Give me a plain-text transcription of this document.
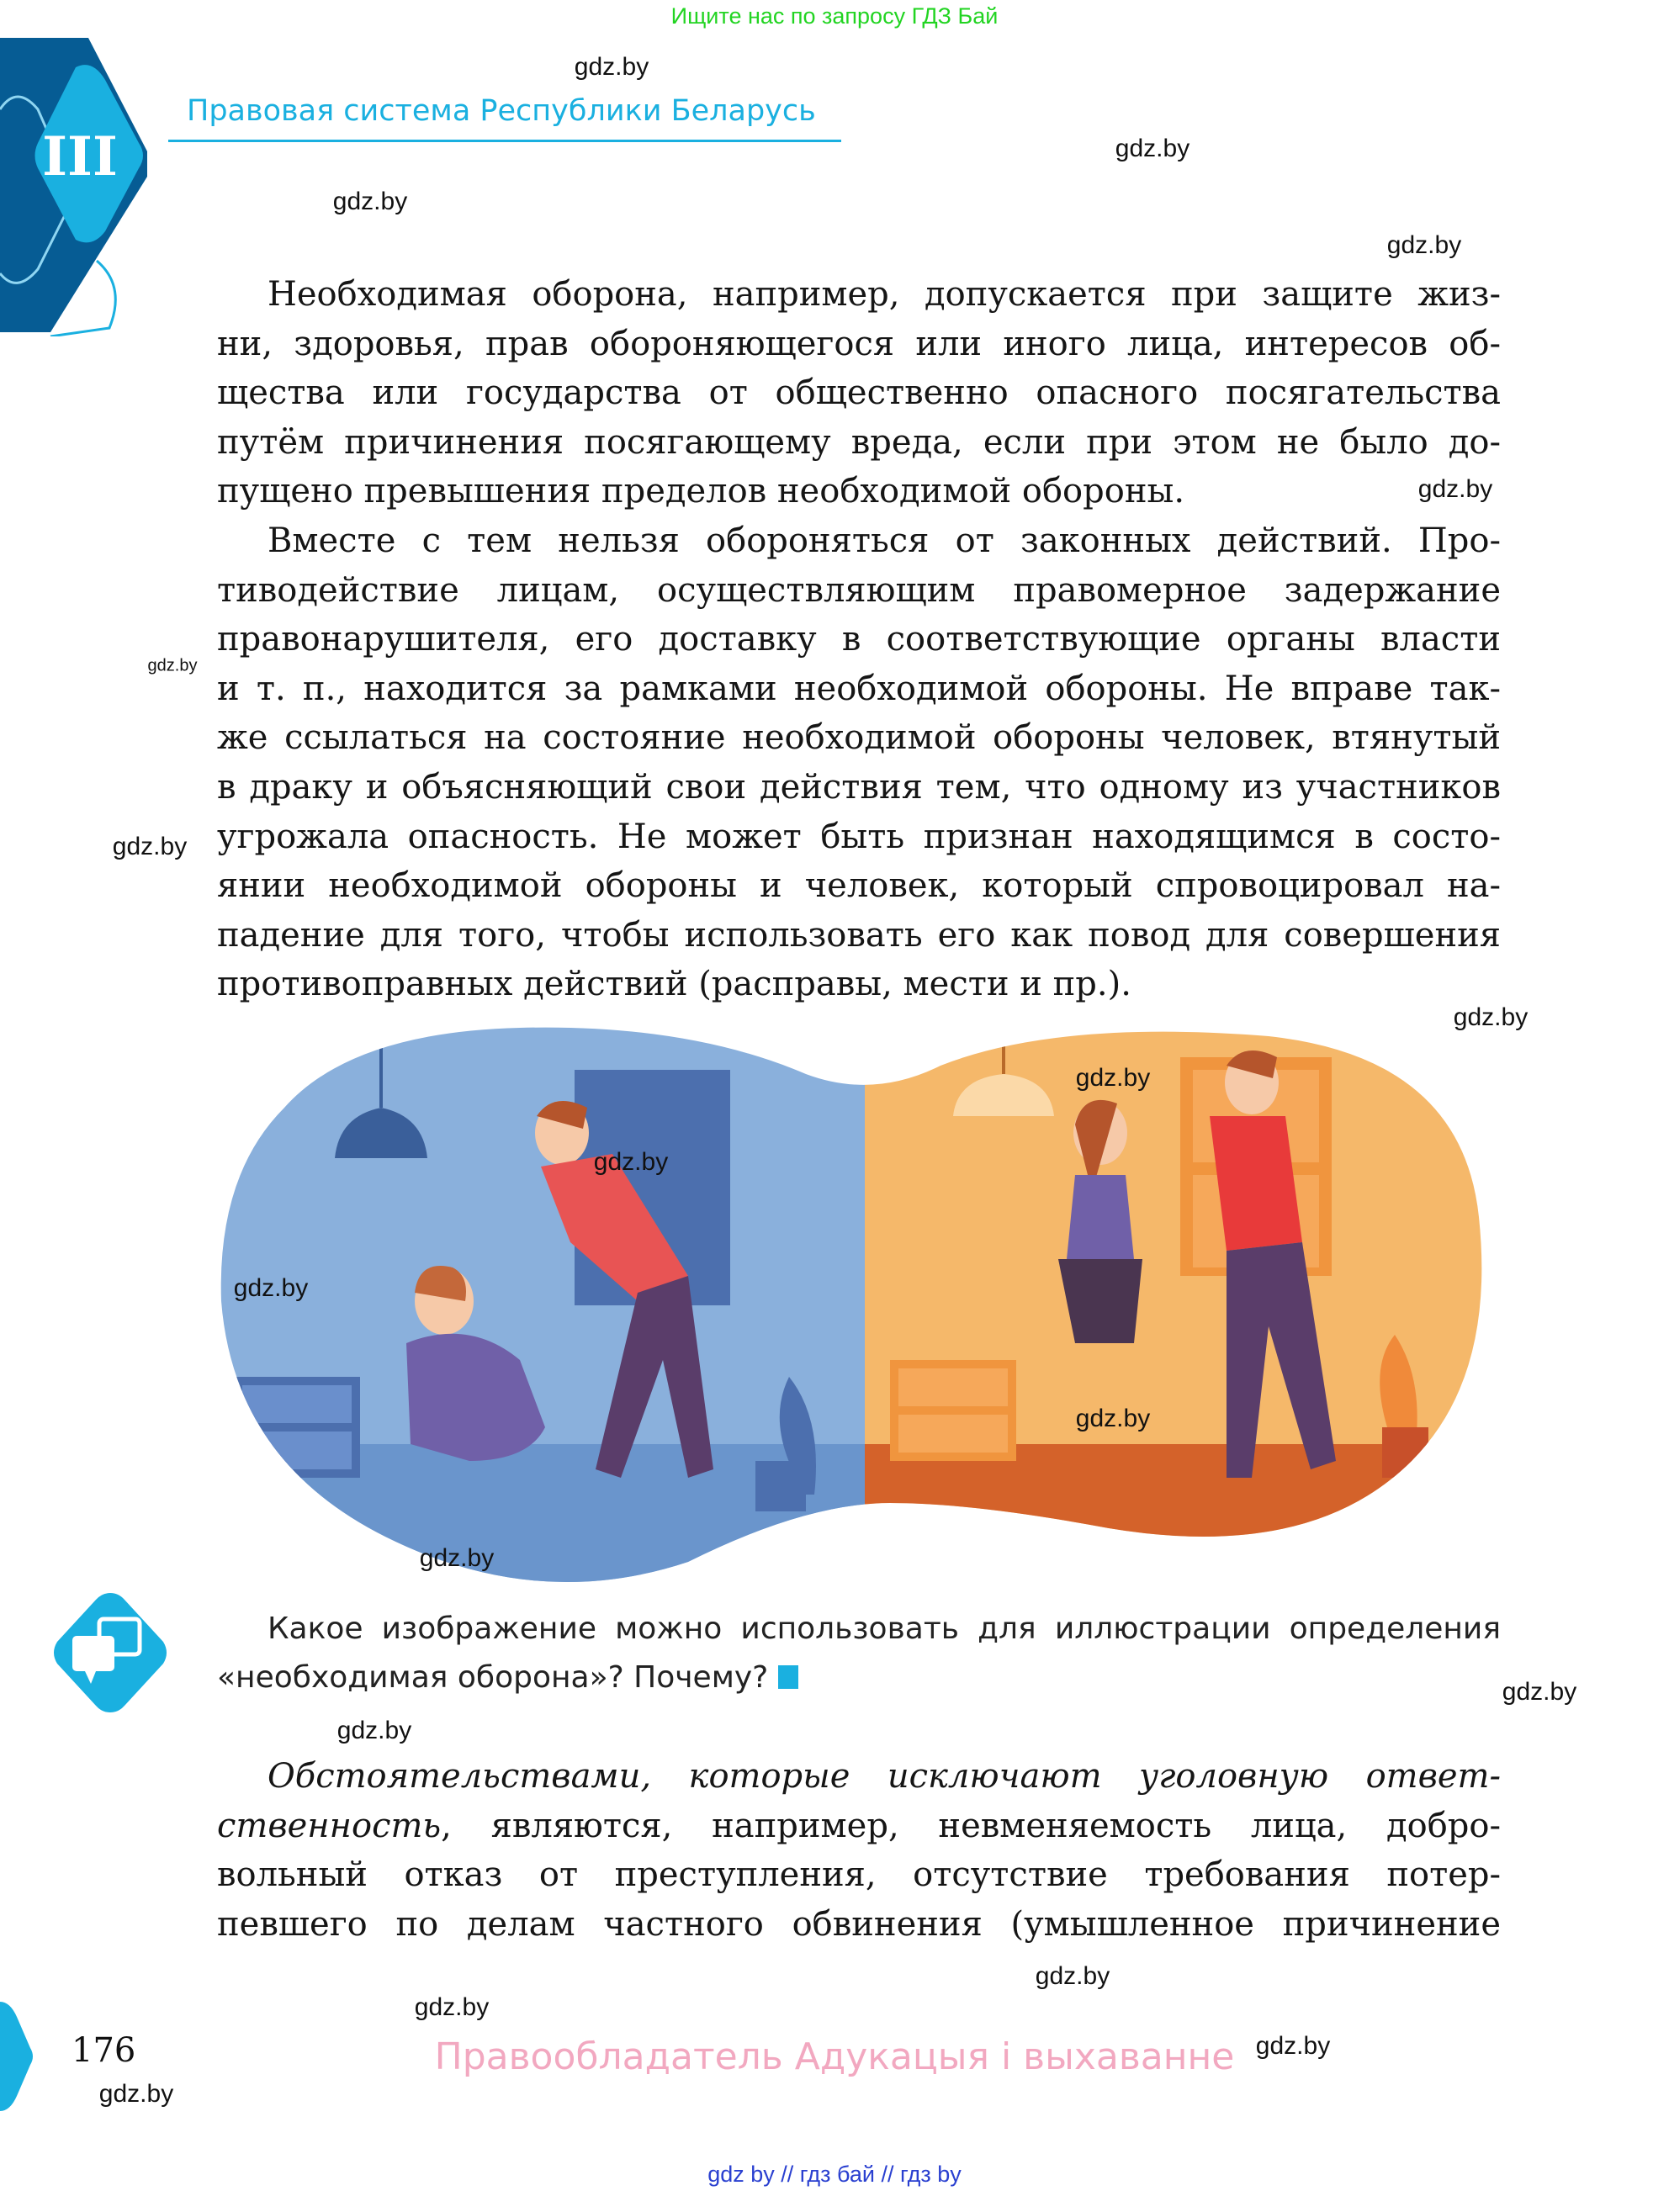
Ищите нас по запросу ГДЗ Бай
III
Правовая система Республики Беларусь
Необходимая оборона, например, допускается при защите жиз-
ни, здоровья, прав обороняющегося или иного лица, интересов об-
щества или государства от общественно опасного посягательства
путём причинения посягающему вреда, если при этом не было до-
пущено превышения пределов необходимой обороны.
Вместе с тем нельзя обороняться от законных действий. Про-
тиводействие лицам, осуществляющим правомерное задержание
правонарушителя, его доставку в соответствующие органы власти
и т. п., находится за рамками необходимой обороны. Не вправе так-
же ссылаться на состояние необходимой обороны человек, втянутый
в драку и объясняющий свои действия тем, что одному из участников
угрожала опасность. Не может быть признан находящимся в состо-
янии необходимой обороны и человек, который спровоцировал на-
падение для того, чтобы использовать его как повод для совершения
противоправных действий (расправы, мести и пр.).
Какое изображение можно использовать для иллюстрации определения
«необходимая оборона»? Почему?
Обстоятельствами, которые исключают уголовную ответ-
ственность, являются, например, невменяемость лица, добро-
вольный отказ от преступления, отсутствие требования потер-
певшего по делам частного обвинения (умышленное причинение
176	Правообладатель Адукацыя і выхаванне
gdz by // гдз бай // гдз by
gdz.by
gdz.by
gdz.by
gdz.by
gdz.by
gdz.by
gdz.by
gdz.by
gdz.by
gdz.by
gdz.by
gdz.by
gdz.by
gdz.by
gdz.by
gdz.by
gdz.by
gdz.by
gdz.by
